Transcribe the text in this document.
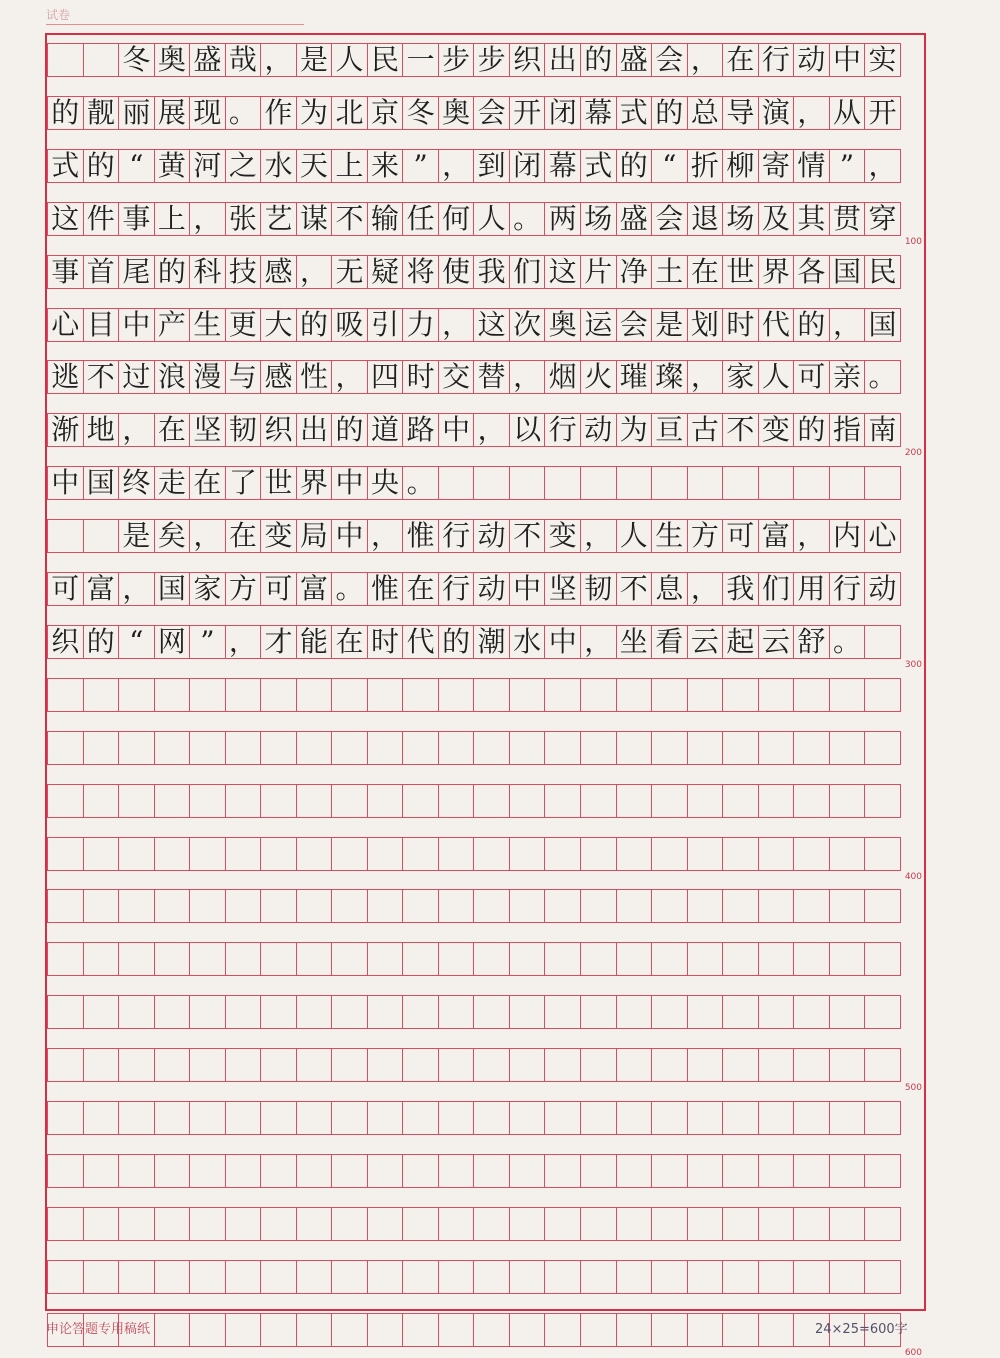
试卷

冬 奥 盛 哉 ， 是 人 民 一 步 步 织 出 的 盛 会 ， 在 行 动 中 实
的 靓 丽 展 现 。 作 为 北 京 冬 奥 会 开 闭 幕 式 的 总 导 演 ， 从 开
式 的 “ 黄 河 之 水 天 上 来 ” ， 到 闭 幕 式 的 “ 折 柳 寄 情 ” ，
这 件 事 上 ， 张 艺 谋 不 输 任 何 人 。 两 场 盛 会 退 场 及 其 贯 穿
100
事 首 尾 的 科 技 感 ， 无 疑 将 使 我 们 这 片 净 土 在 世 界 各 国 民
心 目 中 产 生 更 大 的 吸 引 力 ， 这 次 奥 运 会 是 划 时 代 的 ， 国
逃 不 过 浪 漫 与 感 性 ， 四 时 交 替 ， 烟 火 璀 璨 ， 家 人 可 亲 。
渐 地 ， 在 坚 韧 织 出 的 道 路 中 ， 以 行 动 为 亘 古 不 变 的 指 南
200
中 国 终 走 在 了 世 界 中 央 。

是 矣 ， 在 变 局 中 ， 惟 行 动 不 变 ， 人 生 方 可 富 ， 内 心
可 富 ， 国 家 方 可 富 。 惟 在 行 动 中 坚 韧 不 息 ， 我 们 用 行 动
织 的 “ 网 ” ， 才 能 在 时 代 的 潮 水 中 ， 坐 看 云 起 云 舒 。
300
400
500
600
申论答题专用稿纸	24×25=600字
